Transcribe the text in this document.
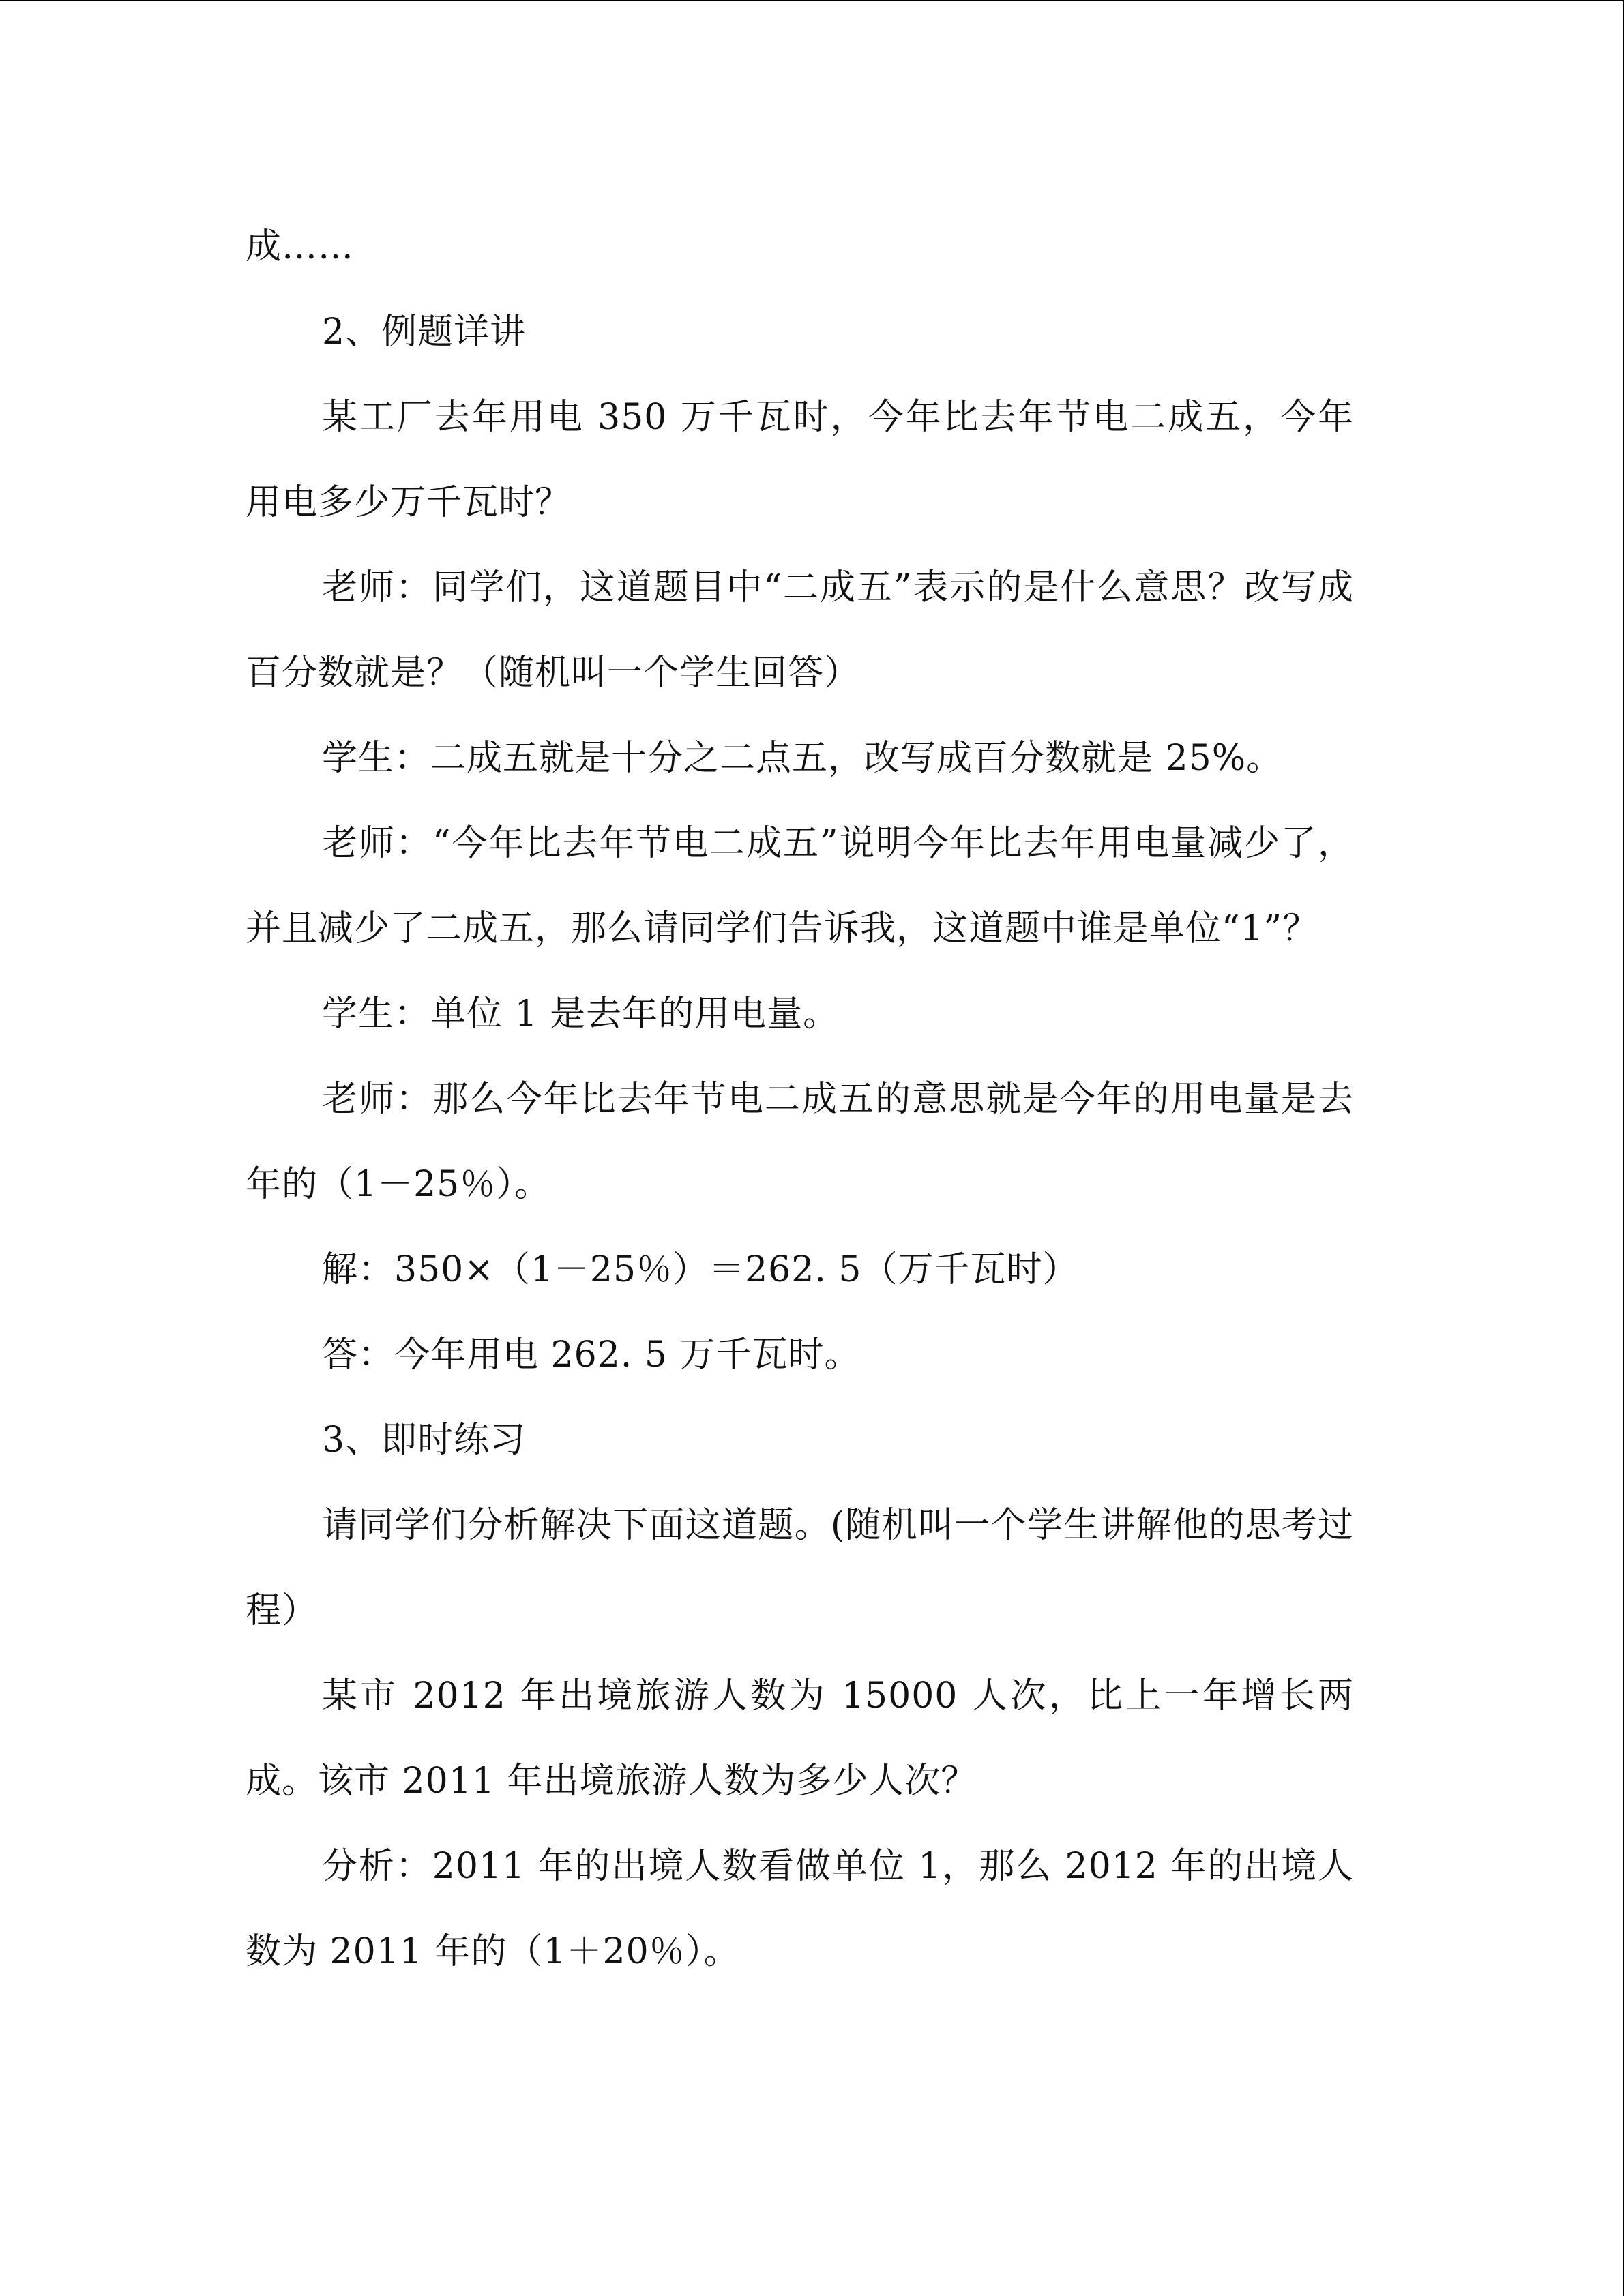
成……

2、例题详讲

某工厂去年用电 350 万千瓦时，今年比去年节电二成五，今年用电多少万千瓦时？

老师：同学们，这道题目中“二成五”表示的是什么意思？改写成百分数就是？（随机叫一个学生回答）

学生：二成五就是十分之二点五，改写成百分数就是 25%。

老师：“今年比去年节电二成五”说明今年比去年用电量减少了，并且减少了二成五，那么请同学们告诉我，这道题中谁是单位“1”？

学生：单位 1 是去年的用电量。

老师：那么今年比去年节电二成五的意思就是今年的用电量是去年的（1－25％）。

解：350×（1－25％）＝262. 5（万千瓦时）

答：今年用电 262. 5 万千瓦时。

3、即时练习

请同学们分析解决下面这道题。(随机叫一个学生讲解他的思考过程）

某市 2012 年出境旅游人数为 15000 人次，比上一年增长两成。该市 2011 年出境旅游人数为多少人次？

分析：2011 年的出境人数看做单位 1，那么 2012 年的出境人数为 2011 年的（1＋20％）。
